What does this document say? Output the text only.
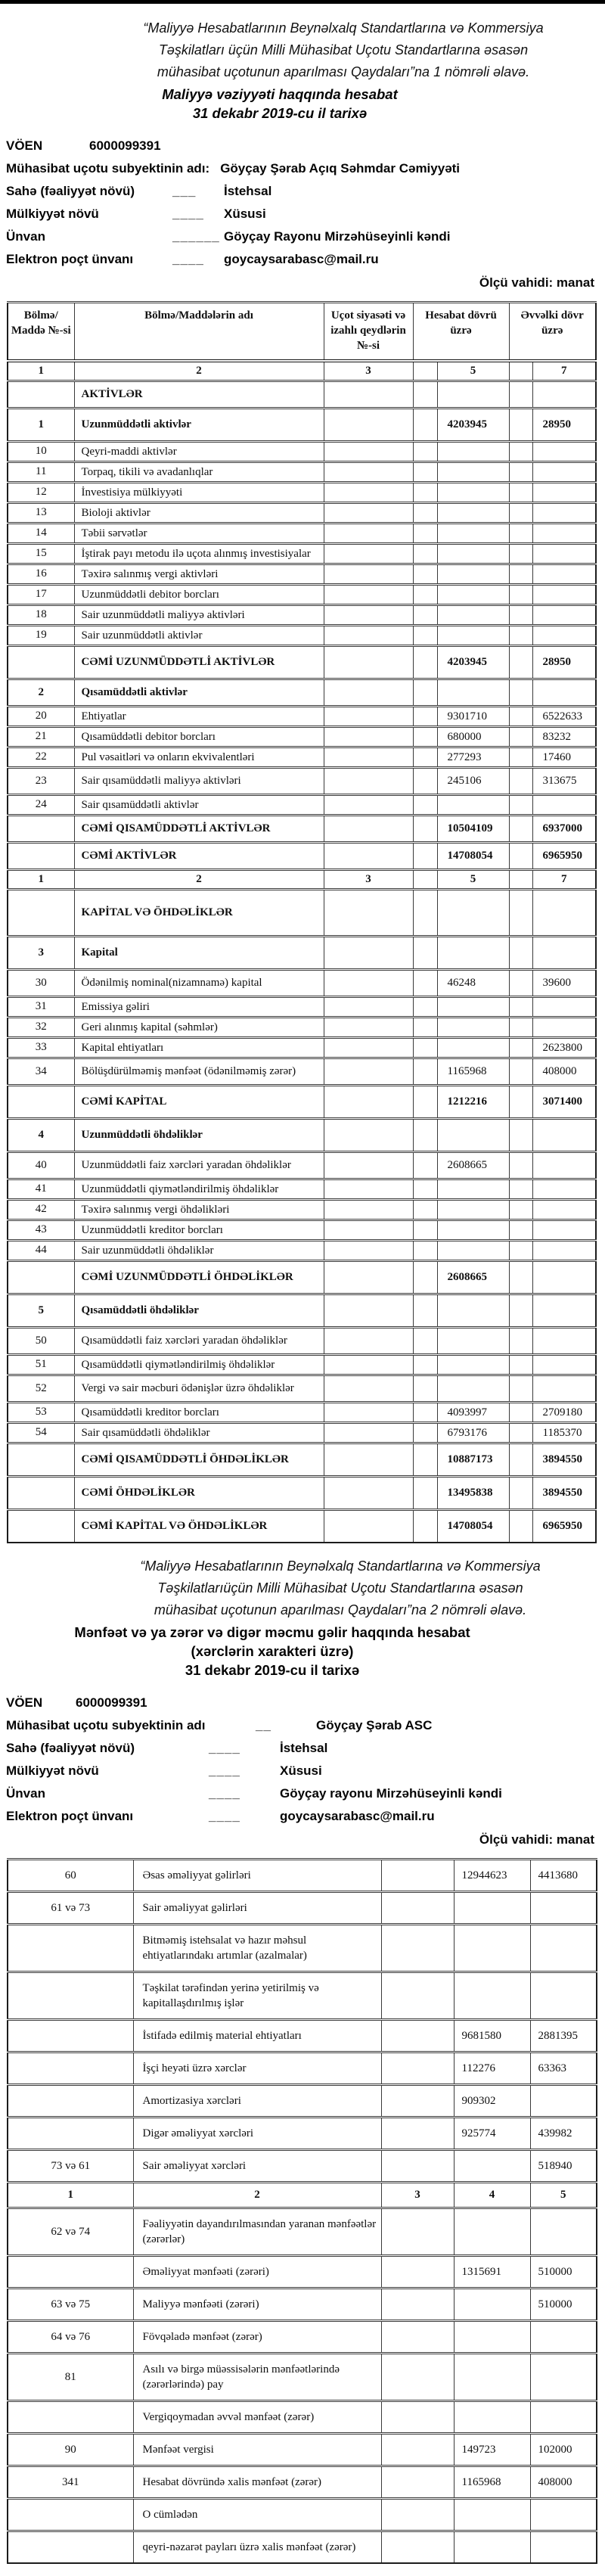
“Maliyyə Hesabatlarının Beynəlxalq Standartlarına və Kommersiya
Təşkilatları üçün Milli Mühasibat Uçotu Standartlarına əsasən
mühasibat uçotunun aparılması Qaydaları”na 1 nömrəli əlavə.
Maliyyə vəziyyəti haqqında hesabat
31 dekabr 2019-cu il tarixə
VÖEN	6000099391
Mühasibat uçotu subyektinin adı: Göyçay Şərab Açıq Səhmdar Cəmiyyəti
Sahə (fəaliyyət növü)	___	İstehsal
Mülkiyyət növü	____	Xüsusi
Ünvan	______ Göyçay Rayonu Mirzəhüseyinli kəndi
Elektron poçt ünvanı	____	goycaysarabasc@mail.ru
Ölçü vahidi: manat
Bölmə/ Maddə №-si	Bölmə/Maddələrin adı	Uçot siyasəti və izahlı qeydlərin №-si	Hesabat dövrü üzrə		Əvvəlki dövr üzrə	
1	2	3		5		7
	AKTİVLƏR					
1	Uzunmüddətli aktivlər			4203945		28950
10	Qeyri-maddi aktivlər					
11	Torpaq, tikili və avadanlıqlar					
12	İnvestisiya mülkiyyəti					
13	Bioloji aktivlər					
14	Təbii sərvətlər					
15	İştirak payı metodu ilə uçota alınmış investisiyalar					
16	Təxirə salınmış vergi aktivləri					
17	Uzunmüddətli debitor borcları					
18	Sair uzunmüddətli maliyyə aktivləri					
19	Sair uzunmüddətli aktivlər					
	CƏMİ UZUNMÜDDƏTLİ AKTİVLƏR			4203945		28950
2	Qısamüddətli aktivlər					
20	Ehtiyatlar			9301710		6522633
21	Qısamüddətli debitor borcları			680000		83232
22	Pul vəsaitləri və onların ekvivalentləri			277293		17460
23	Sair qısamüddətli maliyyə aktivləri			245106		313675
24	Sair qısamüddətli aktivlər					
	CƏMİ QISAMÜDDƏTLİ AKTİVLƏR			10504109		6937000
	CƏMİ AKTİVLƏR			14708054		6965950
1	2	3		5		7
	KAPİTAL VƏ ÖHDƏLİKLƏR					
3	Kapital					
30	Ödənilmiş nominal(nizamnamə) kapital			46248		39600
31	Emissiya gəliri					
32	Geri alınmış kapital (səhmlər)					
33	Kapital ehtiyatları					2623800
34	Bölüşdürülməmiş mənfəət (ödənilməmiş zərər)			1165968		408000
	CƏMİ KAPİTAL			1212216		3071400
4	Uzunmüddətli öhdəliklər					
40	Uzunmüddətli faiz xərcləri yaradan öhdəliklər			2608665		
41	Uzunmüddətli qiymətləndirilmiş öhdəliklər					
42	Təxirə salınmış vergi öhdəlikləri					
43	Uzunmüddətli kreditor borcları					
44	Sair uzunmüddətli öhdəliklər					
	CƏMİ UZUNMÜDDƏTLİ ÖHDƏLİKLƏR			2608665		
5	Qısamüddətli öhdəliklər					
50	Qısamüddətli faiz xərcləri yaradan öhdəliklər					
51	Qısamüddətli qiymətləndirilmiş öhdəliklər					
52	Vergi və sair məcburi ödənişlər üzrə öhdəliklər					
53	Qısamüddətli kreditor borcları			4093997		2709180
54	Sair qısamüddətli öhdəliklər			6793176		1185370
	CƏMİ QISAMÜDDƏTLİ ÖHDƏLİKLƏR			10887173		3894550
	CƏMİ ÖHDƏLİKLƏR			13495838		3894550
	CƏMİ KAPİTAL VƏ ÖHDƏLİKLƏR			14708054		6965950
“Maliyyə Hesabatlarının Beynəlxalq Standartlarına və Kommersiya
Təşkilatlarıüçün Milli Mühasibat Uçotu Standartlarına əsasən
mühasibat uçotunun aparılması Qaydaları”na 2 nömrəli əlavə.
Mənfəət və ya zərər və digər məcmu gəlir haqqında hesabat
(xərclərin xarakteri üzrə)
31 dekabr 2019-cu il tarixə
VÖEN	6000099391
Mühasibat uçotu subyektinin adı	__	Göyçay Şərab ASC
Sahə (fəaliyyət növü)	____	İstehsal
Mülkiyyət növü	____	Xüsusi
Ünvan	____	Göyçay rayonu Mirzəhüseyinli kəndi
Elektron poçt ünvanı	____	goycaysarabasc@mail.ru
Ölçü vahidi: manat
60	Əsas əməliyyat gəlirləri		12944623	4413680
61 və 73	Sair əməliyyat gəlirləri			
	Bitməmiş istehsalat və hazır məhsul ehtiyatlarındakı artımlar (azalmalar)			
	Təşkilat tərəfindən yerinə yetirilmiş və kapitallaşdırılmış işlər			
	İstifadə edilmiş material ehtiyatları		9681580	2881395
	İşçi heyəti üzrə xərclər		112276	63363
	Amortizasiya xərcləri		909302	
	Digər əməliyyat xərcləri		925774	439982
73 və 61	Sair əməliyyat xərcləri			518940
1	2	3	4	5
62 və 74	Fəaliyyətin dayandırılmasından yaranan mənfəətlər (zərərlər)			
	Əməliyyat mənfəəti (zərəri)		1315691	510000
63 və 75	Maliyyə mənfəəti (zərəri)			510000
64 və 76	Fövqəladə mənfəət (zərər)			
81	Asılı və birgə müəssisələrin mənfəətlərində (zərərlərində) pay			
	Vergiqoymadan əvvəl mənfəət (zərər)			
90	Mənfəət vergisi		149723	102000
341	Hesabat dövründə xalis mənfəət (zərər)		1165968	408000
	O cümlədən			
	qeyri-nəzarət payları üzrə xalis mənfəət (zərər)			
